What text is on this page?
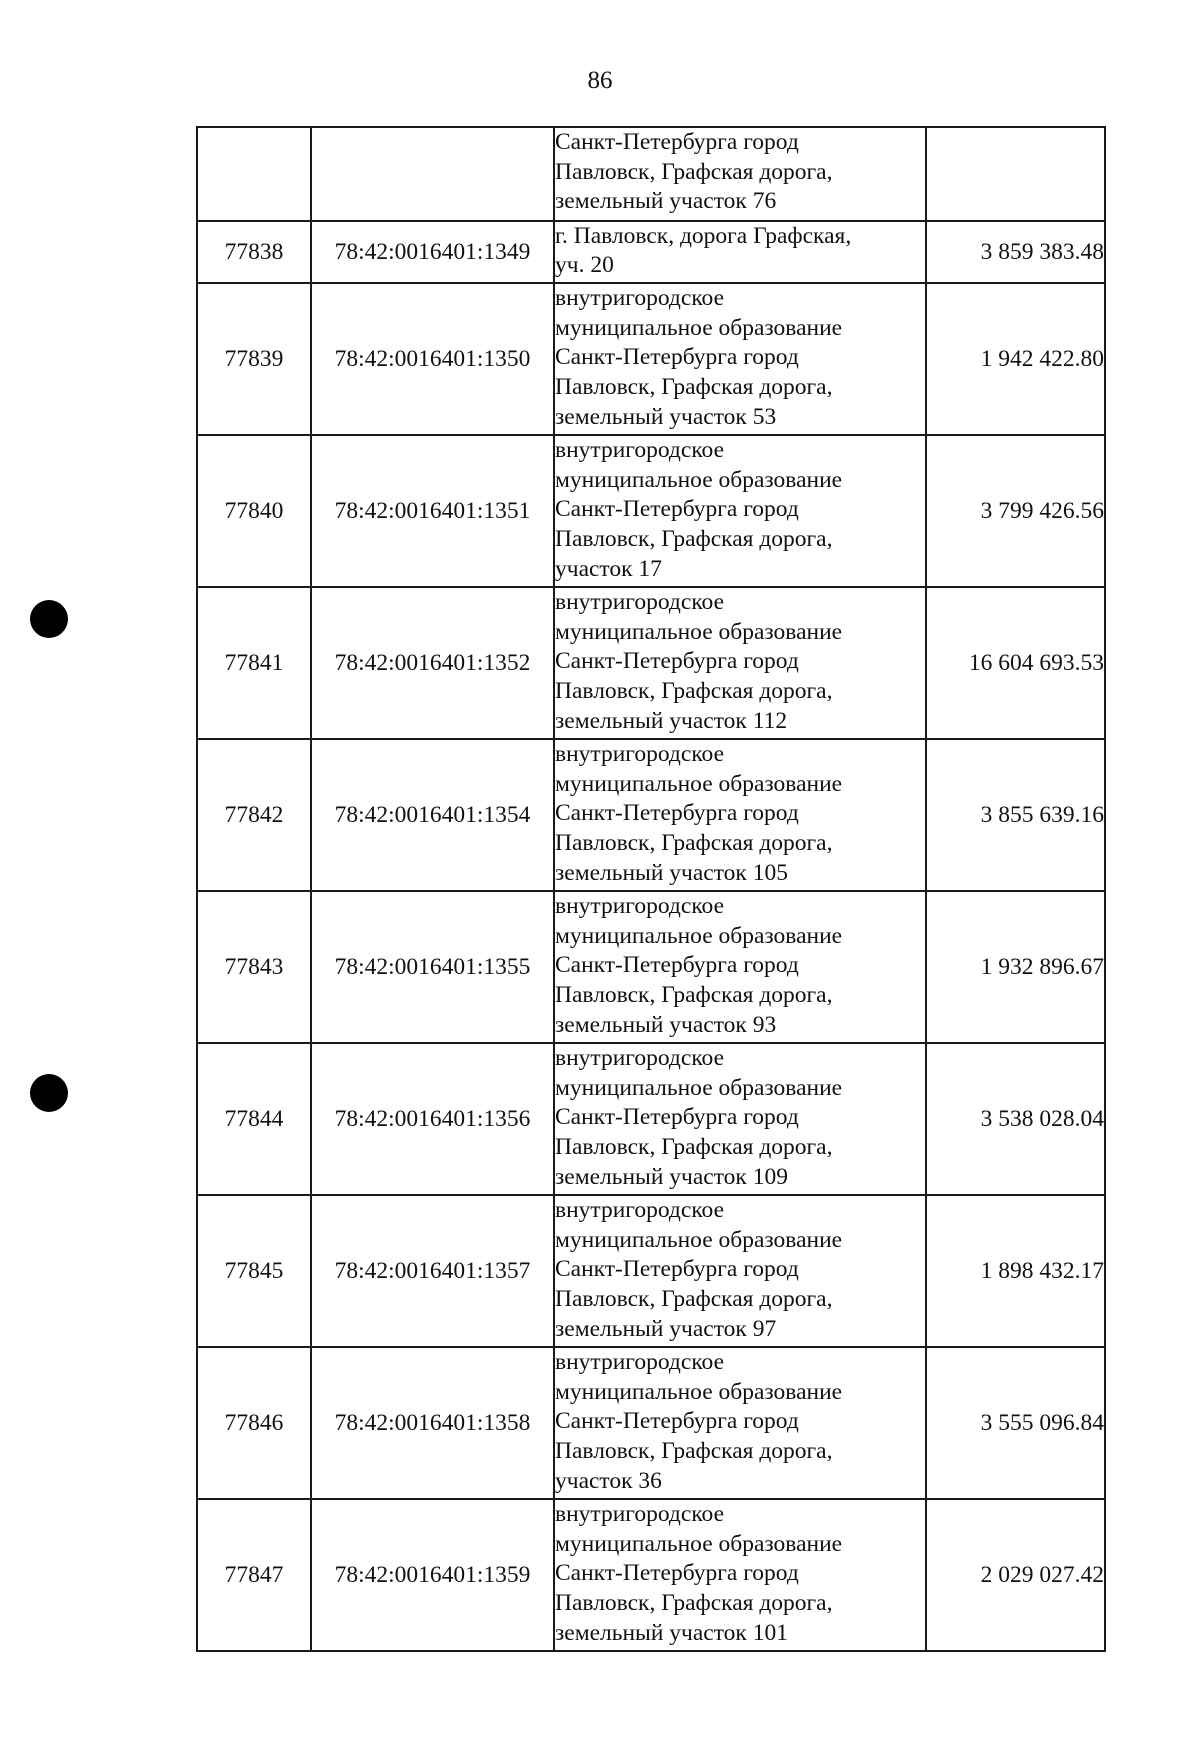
86

		Санкт-Петербурга город
Павловск, Графская дорога,
земельный участок 76	

77838	78:42:0016401:1349	г. Павловск, дорога Графская,
уч. 20	3 859 383.48
77839	78:42:0016401:1350	внутригородское
муниципальное образование
Санкт-Петербурга город
Павловск, Графская дорога,
земельный участок 53	1 942 422.80
77840	78:42:0016401:1351	внутригородское
муниципальное образование
Санкт-Петербурга город
Павловск, Графская дорога,
участок 17	3 799 426.56
77841	78:42:0016401:1352	внутригородское
муниципальное образование
Санкт-Петербурга город
Павловск, Графская дорога,
земельный участок 112	16 604 693.53
77842	78:42:0016401:1354	внутригородское
муниципальное образование
Санкт-Петербурга город
Павловск, Графская дорога,
земельный участок 105	3 855 639.16
77843	78:42:0016401:1355	внутригородское
муниципальное образование
Санкт-Петербурга город
Павловск, Графская дорога,
земельный участок 93	1 932 896.67
77844	78:42:0016401:1356	внутригородское
муниципальное образование
Санкт-Петербурга город
Павловск, Графская дорога,
земельный участок 109	3 538 028.04
77845	78:42:0016401:1357	внутригородское
муниципальное образование
Санкт-Петербурга город
Павловск, Графская дорога,
земельный участок 97	1 898 432.17
77846	78:42:0016401:1358	внутригородское
муниципальное образование
Санкт-Петербурга город
Павловск, Графская дорога,
участок 36	3 555 096.84
77847	78:42:0016401:1359	внутригородское
муниципальное образование
Санкт-Петербурга город
Павловск, Графская дорога,
земельный участок 101	2 029 027.42
